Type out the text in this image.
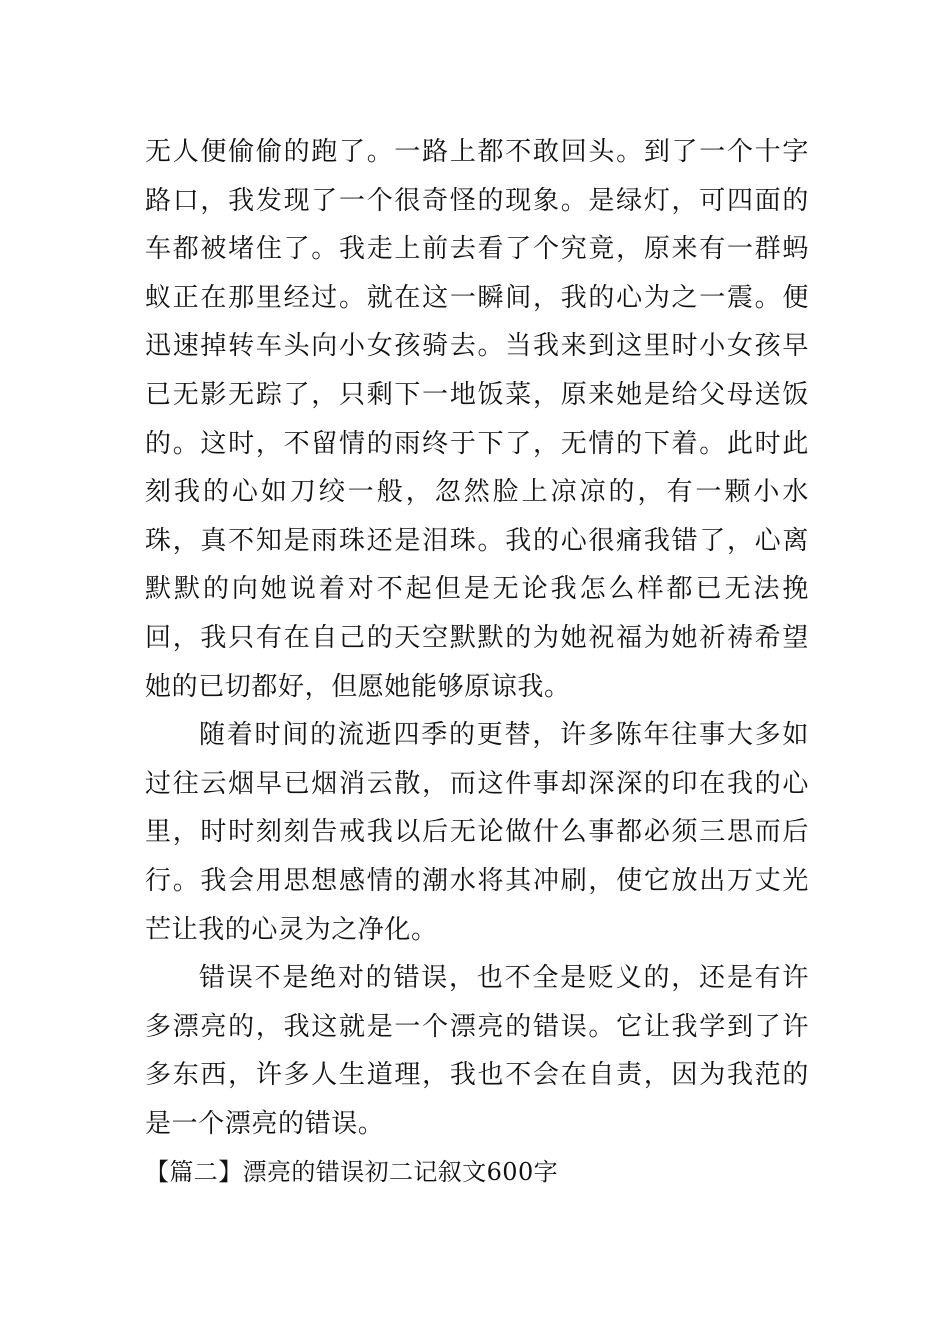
无人便偷偷的跑了。一路上都不敢回头。到了一个十字路口，我发现了一个很奇怪的现象。是绿灯，可四面的车都被堵住了。我走上前去看了个究竟，原来有一群蚂蚁正在那里经过。就在这一瞬间，我的心为之一震。便迅速掉转车头向小女孩骑去。当我来到这里时小女孩早已无影无踪了，只剩下一地饭菜，原来她是给父母送饭的。这时，不留情的雨终于下了，无情的下着。此时此刻我的心如刀绞一般，忽然脸上凉凉的，有一颗小水珠，真不知是雨珠还是泪珠。我的心很痛我错了，心离默默的向她说着对不起但是无论我怎么样都已无法挽回，我只有在自己的天空默默的为她祝福为她祈祷希望她的已切都好，但愿她能够原谅我。

随着时间的流逝四季的更替，许多陈年往事大多如过往云烟早已烟消云散，而这件事却深深的印在我的心里，时时刻刻告戒我以后无论做什么事都必须三思而后行。我会用思想感情的潮水将其冲刷，使它放出万丈光芒让我的心灵为之净化。

错误不是绝对的错误，也不全是贬义的，还是有许多漂亮的，我这就是一个漂亮的错误。它让我学到了许多东西，许多人生道理，我也不会在自责，因为我范的是一个漂亮的错误。

【篇二】漂亮的错误初二记叙文600字
